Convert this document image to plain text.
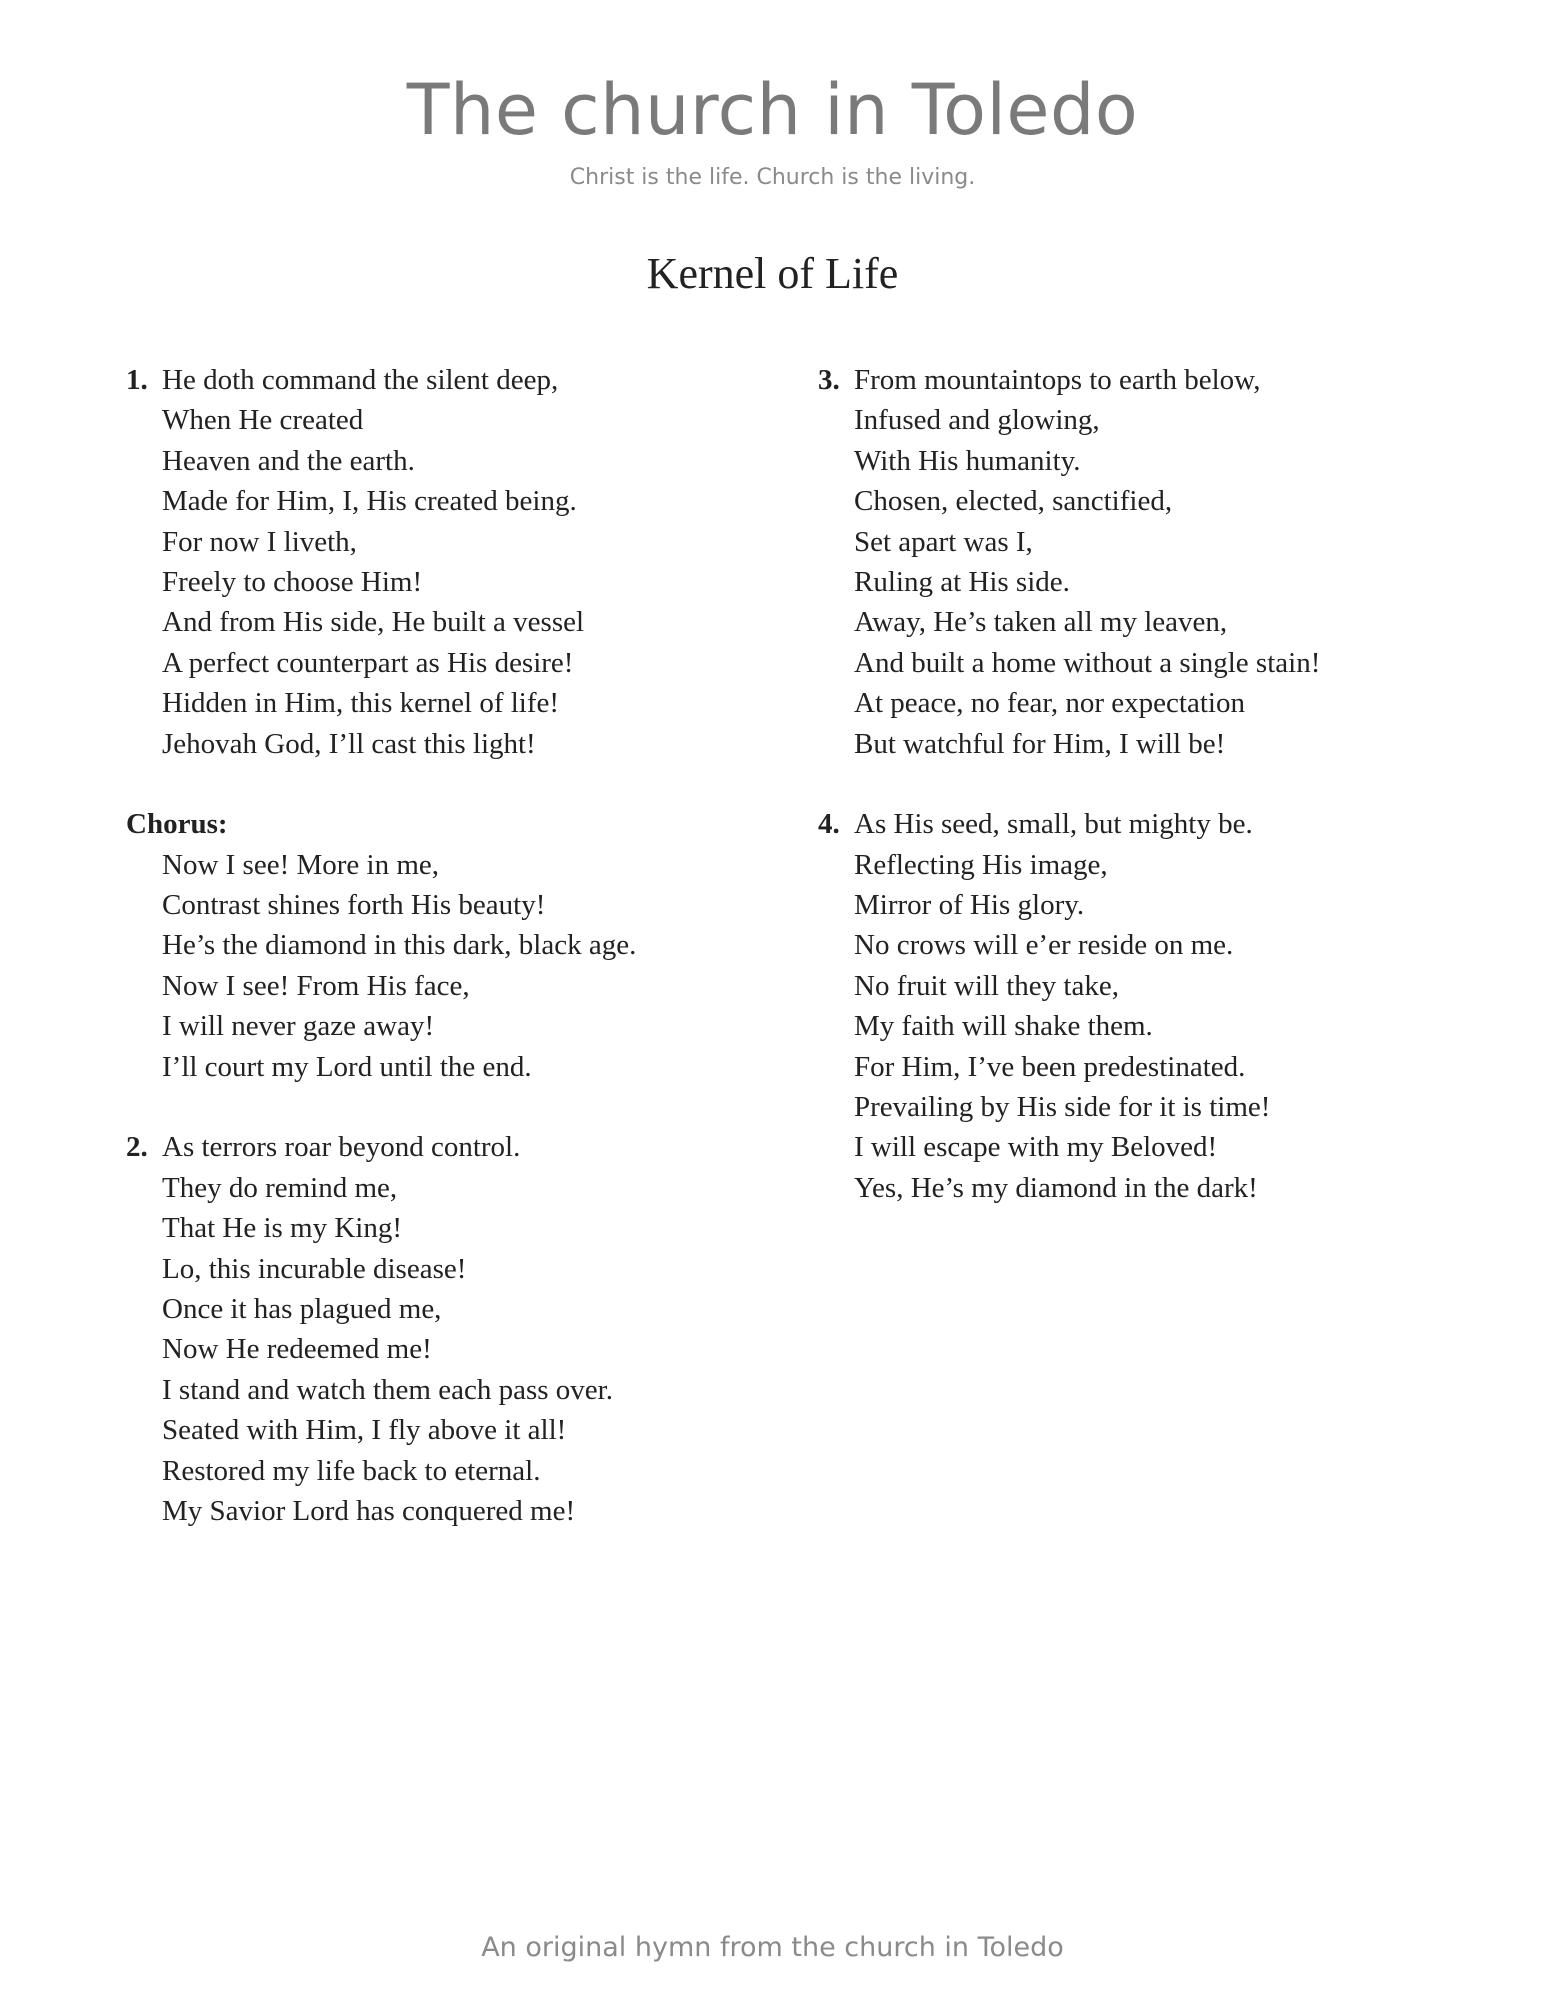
The church in Toledo
Christ is the life. Church is the living.
Kernel of Life
1. He doth command the silent deep,
When He created
Heaven and the earth.
Made for Him, I, His created being.
For now I liveth,
Freely to choose Him!
And from His side, He built a vessel
A perfect counterpart as His desire!
Hidden in Him, this kernel of life!
Jehovah God, I’ll cast this light!
Chorus:
Now I see! More in me,
Contrast shines forth His beauty!
He’s the diamond in this dark, black age.
Now I see! From His face,
I will never gaze away!
I’ll court my Lord until the end.
2. As terrors roar beyond control.
They do remind me,
That He is my King!
Lo, this incurable disease!
Once it has plagued me,
Now He redeemed me!
I stand and watch them each pass over.
Seated with Him, I fly above it all!
Restored my life back to eternal.
My Savior Lord has conquered me!
3. From mountaintops to earth below,
Infused and glowing,
With His humanity.
Chosen, elected, sanctified,
Set apart was I,
Ruling at His side.
Away, He’s taken all my leaven,
And built a home without a single stain!
At peace, no fear, nor expectation
But watchful for Him, I will be!
4. As His seed, small, but mighty be.
Reflecting His image,
Mirror of His glory.
No crows will e’er reside on me.
No fruit will they take,
My faith will shake them.
For Him, I’ve been predestinated.
Prevailing by His side for it is time!
I will escape with my Beloved!
Yes, He’s my diamond in the dark!
An original hymn from the church in Toledo
